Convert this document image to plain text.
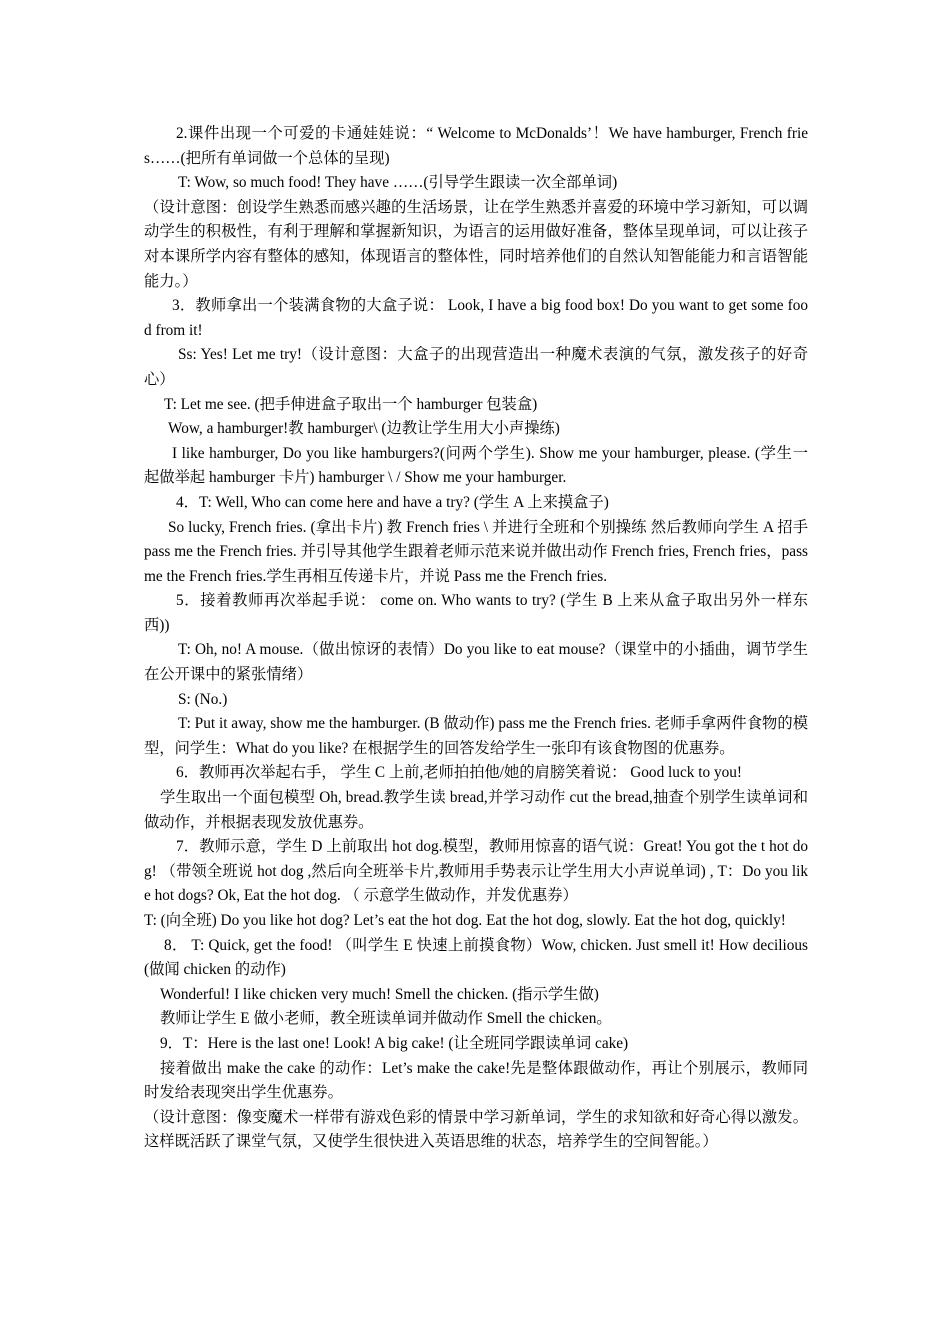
2.课件出现一个可爱的卡通娃娃说：“ Welcome to McDonalds’！We have hamburger, French fries……(把所有单词做一个总体的呈现)

T: Wow, so much food! They have ……(引导学生跟读一次全部单词)

（设计意图：创设学生熟悉而感兴趣的生活场景，让在学生熟悉并喜爱的环境中学习新知，可以调动学生的积极性，有利于理解和掌握新知识，为语言的运用做好准备，整体呈现单词，可以让孩子对本课所学内容有整体的感知，体现语言的整体性，同时培养他们的自然认知智能能力和言语智能能力。）

3．教师拿出一个装满食物的大盒子说： Look, I have a big food box! Do you want to get some food from it!

Ss: Yes! Let me try!（设计意图：大盒子的出现营造出一种魔术表演的气氛，激发孩子的好奇心）

T: Let me see. (把手伸进盒子取出一个 hamburger 包装盒)

Wow, a hamburger!教 hamburger\ (边教让学生用大小声操练)

I like hamburger, Do you like hamburgers?(问两个学生). Show me your hamburger, please. (学生一起做举起 hamburger 卡片) hamburger \ / Show me your hamburger.

4．T: Well, Who can come here and have a try? (学生 A 上来摸盒子)

So lucky, French fries. (拿出卡片) 教 French fries \ 并进行全班和个别操练 然后教师向学生 A 招手 pass me the French fries. 并引导其他学生跟着老师示范来说并做出动作 French fries, French fries，pass me the French fries.学生再相互传递卡片，并说 Pass me the French fries.

5．接着教师再次举起手说： come on. Who wants to try? (学生 B 上来从盒子取出另外一样东西))

T: Oh, no! A mouse.（做出惊讶的表情）Do you like to eat mouse?（课堂中的小插曲，调节学生在公开课中的紧张情绪）

S: (No.)

T: Put it away, show me the hamburger. (B 做动作) pass me the French fries. 老师手拿两件食物的模型，问学生：What do you like? 在根据学生的回答发给学生一张印有该食物图的优惠券。

6．教师再次举起右手， 学生 C 上前,老师拍拍他/她的肩膀笑着说： Good luck to you!

学生取出一个面包模型 Oh, bread.教学生读 bread,并学习动作 cut the bread,抽查个别学生读单词和做动作，并根据表现发放优惠券。

7．教师示意，学生 D 上前取出 hot dog.模型，教师用惊喜的语气说：Great! You got the t hot dog! （带领全班说 hot dog ,然后向全班举卡片,教师用手势表示让学生用大小声说单词) , T：Do you like hot dogs? Ok, Eat the hot dog. （ 示意学生做动作，并发优惠券）

T: (向全班) Do you like hot dog? Let’s eat the hot dog. Eat the hot dog, slowly. Eat the hot dog, quickly!

8． T: Quick, get the food! （叫学生 E 快速上前摸食物）Wow, chicken. Just smell it! How decilious(做闻 chicken 的动作)

Wonderful! I like chicken very much! Smell the chicken. (指示学生做)

教师让学生 E 做小老师，教全班读单词并做动作 Smell the chicken。

9．T：Here is the last one! Look! A big cake! (让全班同学跟读单词 cake)

接着做出 make the cake 的动作：Let’s make the cake!先是整体跟做动作，再让个别展示，教师同时发给表现突出学生优惠券。

（设计意图：像变魔术一样带有游戏色彩的情景中学习新单词，学生的求知欲和好奇心得以激发。这样既活跃了课堂气氛，又使学生很快进入英语思维的状态，培养学生的空间智能。）
